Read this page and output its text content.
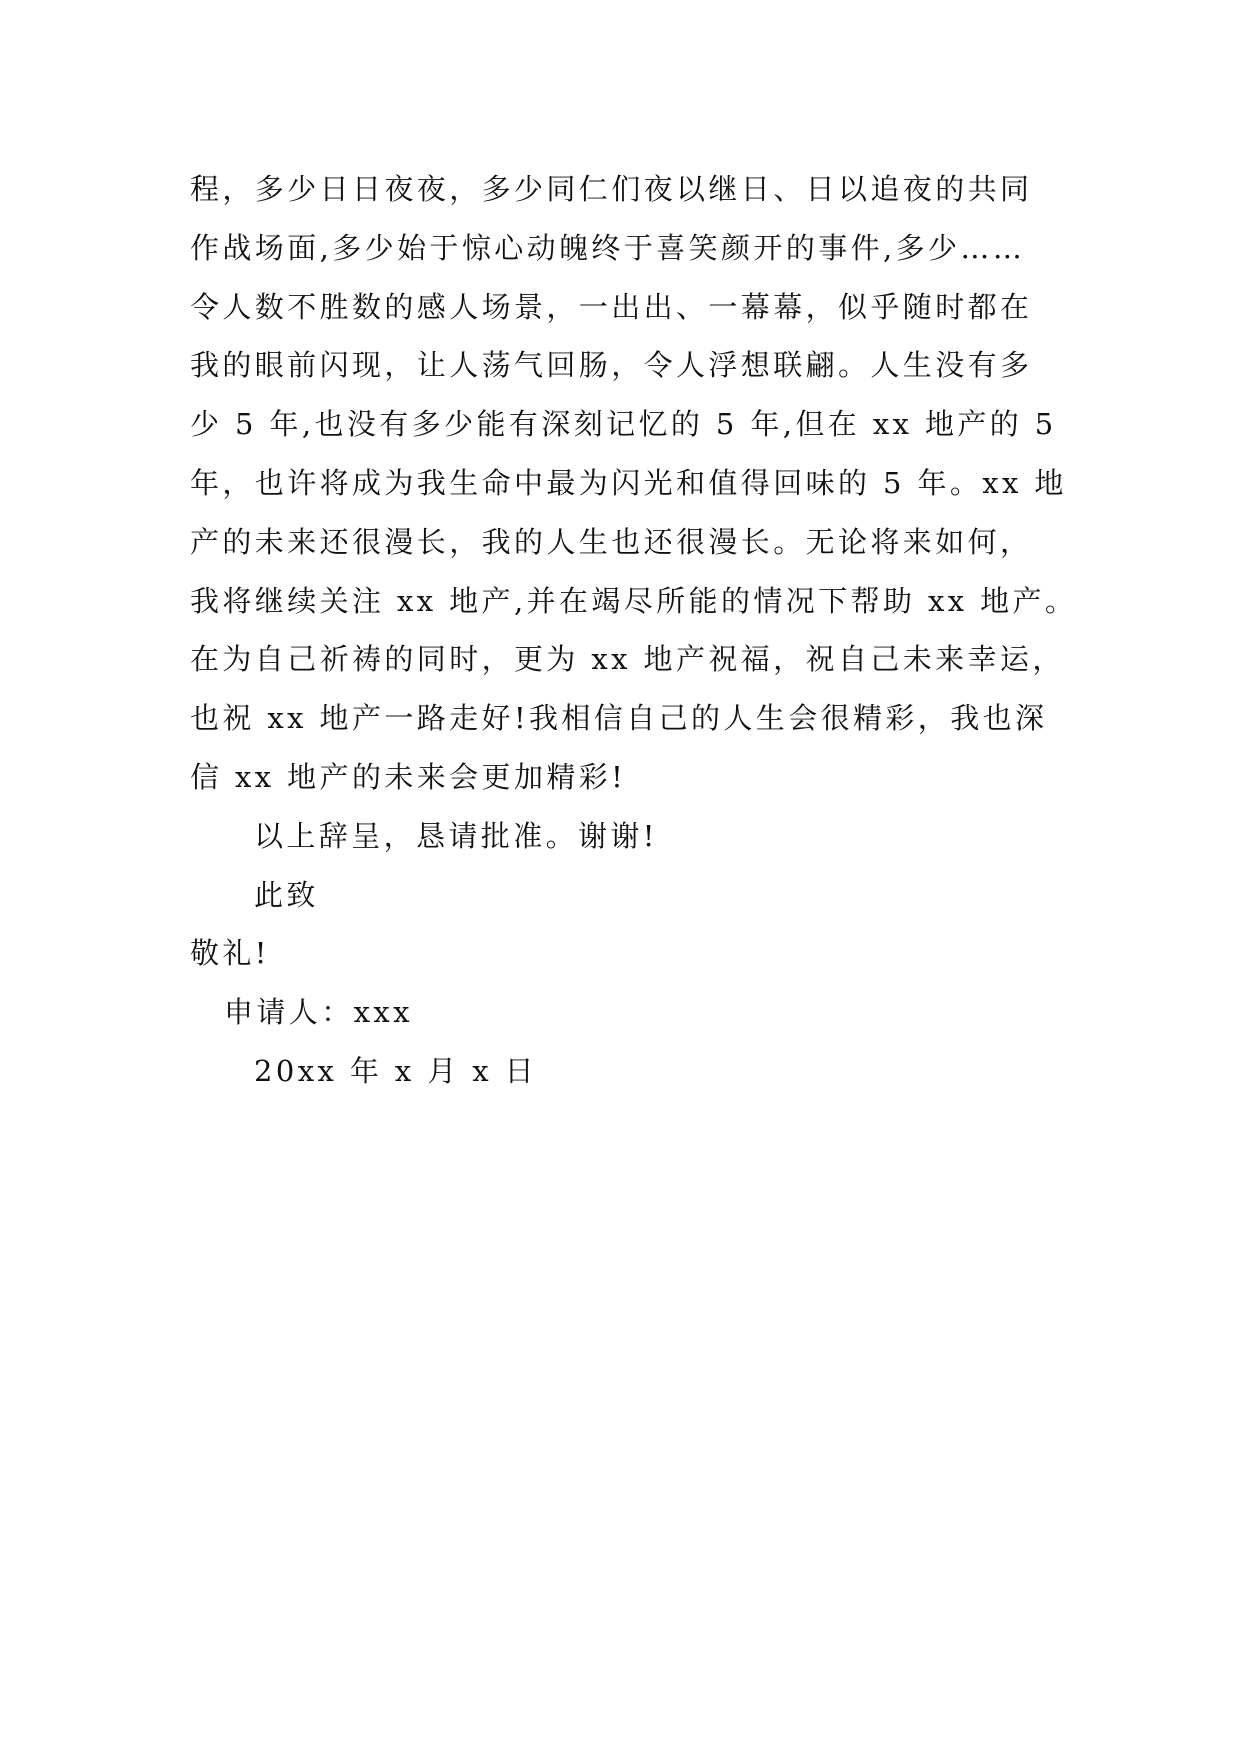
程，多少日日夜夜，多少同仁们夜以继日、日以追夜的共同
作战场面,多少始于惊心动魄终于喜笑颜开的事件,多少……
令人数不胜数的感人场景，一出出、一幕幕，似乎随时都在
我的眼前闪现，让人荡气回肠，令人浮想联翩。人生没有多
少 5 年,也没有多少能有深刻记忆的 5 年,但在 xx 地产的 5
年，也许将成为我生命中最为闪光和值得回味的 5 年。xx 地
产的未来还很漫长，我的人生也还很漫长。无论将来如何，
我将继续关注 xx 地产,并在竭尽所能的情况下帮助 xx 地产。
在为自己祈祷的同时，更为 xx 地产祝福，祝自己未来幸运，
也祝 xx 地产一路走好!我相信自己的人生会很精彩，我也深
信 xx 地产的未来会更加精彩!
以上辞呈，恳请批准。谢谢!
此致
敬礼!
申请人：xxx
20xx 年 x 月 x 日
